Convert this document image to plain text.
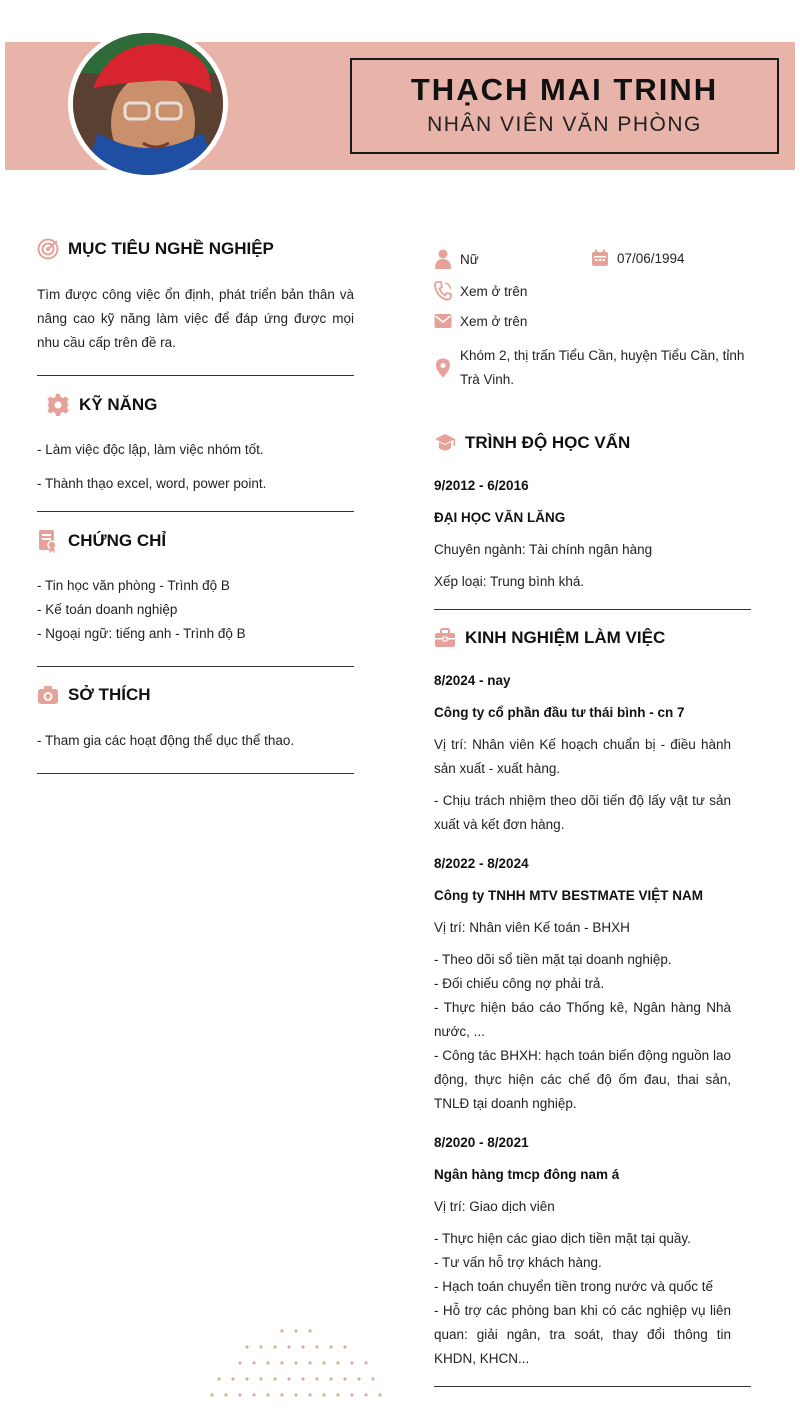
THẠCH MAI TRINH
NHÂN VIÊN VĂN PHÒNG
MỤC TIÊU NGHỀ NGHIỆP
Tìm được công việc ổn định, phát triển bản thân và nâng cao kỹ năng làm việc để đáp ứng được mọi nhu cầu cấp trên đề ra.
KỸ NĂNG
- Làm việc độc lập, làm việc nhóm tốt.
- Thành thạo excel, word, power point.
CHỨNG CHỈ
- Tin học văn phòng - Trình độ B
- Kế toán doanh nghiệp
- Ngoại ngữ: tiếng anh - Trình độ B
SỞ THÍCH
- Tham gia các hoạt động thể dục thể thao.
Nữ	07/06/1994
Xem ở trên
Xem ở trên
Khóm 2, thị trấn Tiểu Cần, huyện Tiểu Cần, tỉnh Trà Vinh.
TRÌNH ĐỘ HỌC VẤN
9/2012 - 6/2016
ĐẠI HỌC VĂN LĂNG
Chuyên ngành: Tài chính ngân hàng
Xếp loại: Trung bình khá.
KINH NGHIỆM LÀM VIỆC
8/2024 - nay
Công ty cổ phần đầu tư thái bình - cn 7
Vị trí: Nhân viên Kế hoạch chuẩn bị - điều hành sản xuất - xuất hàng.
- Chịu trách nhiệm theo dõi tiến độ lấy vật tư sản xuất và kết đơn hàng.
8/2022 - 8/2024
Công ty TNHH MTV BESTMATE VIỆT NAM
Vị trí: Nhân viên Kế toán - BHXH
- Theo dõi sổ tiền mặt tại doanh nghiệp.
- Đối chiếu công nợ phải trả.
- Thực hiện báo cáo Thống kê, Ngân hàng Nhà nước, ...
- Công tác BHXH: hạch toán biến động nguồn lao động, thực hiện các chế độ ốm đau, thai sản, TNLĐ tại doanh nghiệp.
8/2020 - 8/2021
Ngân hàng tmcp đông nam á
Vị trí: Giao dịch viên
- Thực hiện các giao dịch tiền mặt tại quầy.
- Tư vấn hỗ trợ khách hàng.
- Hạch toán chuyển tiền trong nước và quốc tế
- Hỗ trợ các phòng ban khi có các nghiệp vụ liên quan: giải ngân, tra soát, thay đổi thông tin KHDN, KHCN...
